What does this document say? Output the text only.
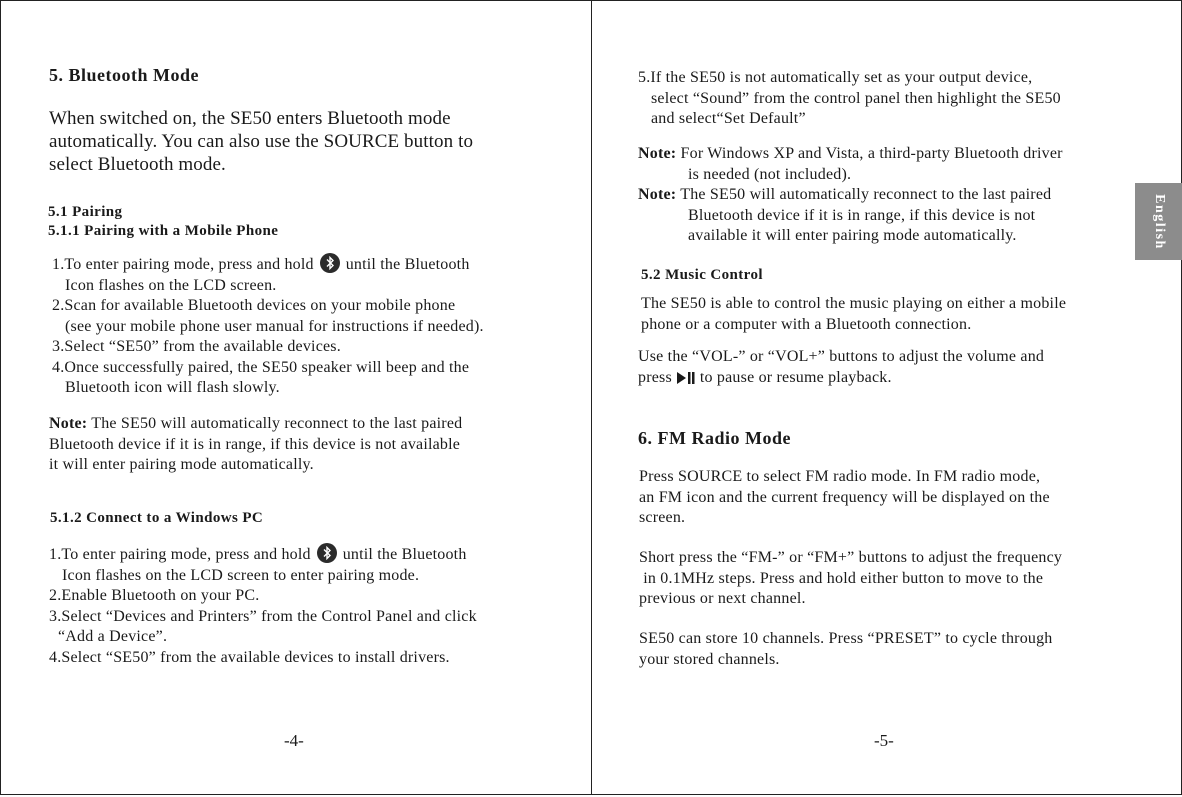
5. Bluetooth Mode
When switched on, the SE50 enters Bluetooth mode
automatically. You can also use the SOURCE button to
select Bluetooth mode.
5.1 Pairing
5.1.1 Pairing with a Mobile Phone
1.To enter pairing mode, press and hold until the Bluetooth
Icon flashes on the LCD screen.
2.Scan for available Bluetooth devices on your mobile phone
(see your mobile phone user manual for instructions if needed).
3.Select “SE50” from the available devices.
4.Once successfully paired, the SE50 speaker will beep and the
Bluetooth icon will flash slowly.
Note: The SE50 will automatically reconnect to the last paired
Bluetooth device if it is in range, if this device is not available
it will enter pairing mode automatically.
5.1.2 Connect to a Windows PC
1.To enter pairing mode, press and hold until the Bluetooth
Icon flashes on the LCD screen to enter pairing mode.
2.Enable Bluetooth on your PC.
3.Select “Devices and Printers” from the Control Panel and click
“Add a Device”.
4.Select “SE50” from the available devices to install drivers.
-4-
5.If the SE50 is not automatically set as your output device,
select “Sound” from the control panel then highlight the SE50
and select“Set Default”
Note: For Windows XP and Vista, a third-party Bluetooth driver
is needed (not included).
Note: The SE50 will automatically reconnect to the last paired
Bluetooth device if it is in range, if this device is not
available it will enter pairing mode automatically.
5.2 Music Control
The SE50 is able to control the music playing on either a mobile
phone or a computer with a Bluetooth connection.
Use the “VOL-” or “VOL+” buttons to adjust the volume and
press to pause or resume playback.
6. FM Radio Mode
Press SOURCE to select FM radio mode. In FM radio mode,
an FM icon and the current frequency will be displayed on the
screen.
Short press the “FM-” or “FM+” buttons to adjust the frequency
in 0.1MHz steps. Press and hold either button to move to the
previous or next channel.
SE50 can store 10 channels. Press “PRESET” to cycle through
your stored channels.
-5-
English
